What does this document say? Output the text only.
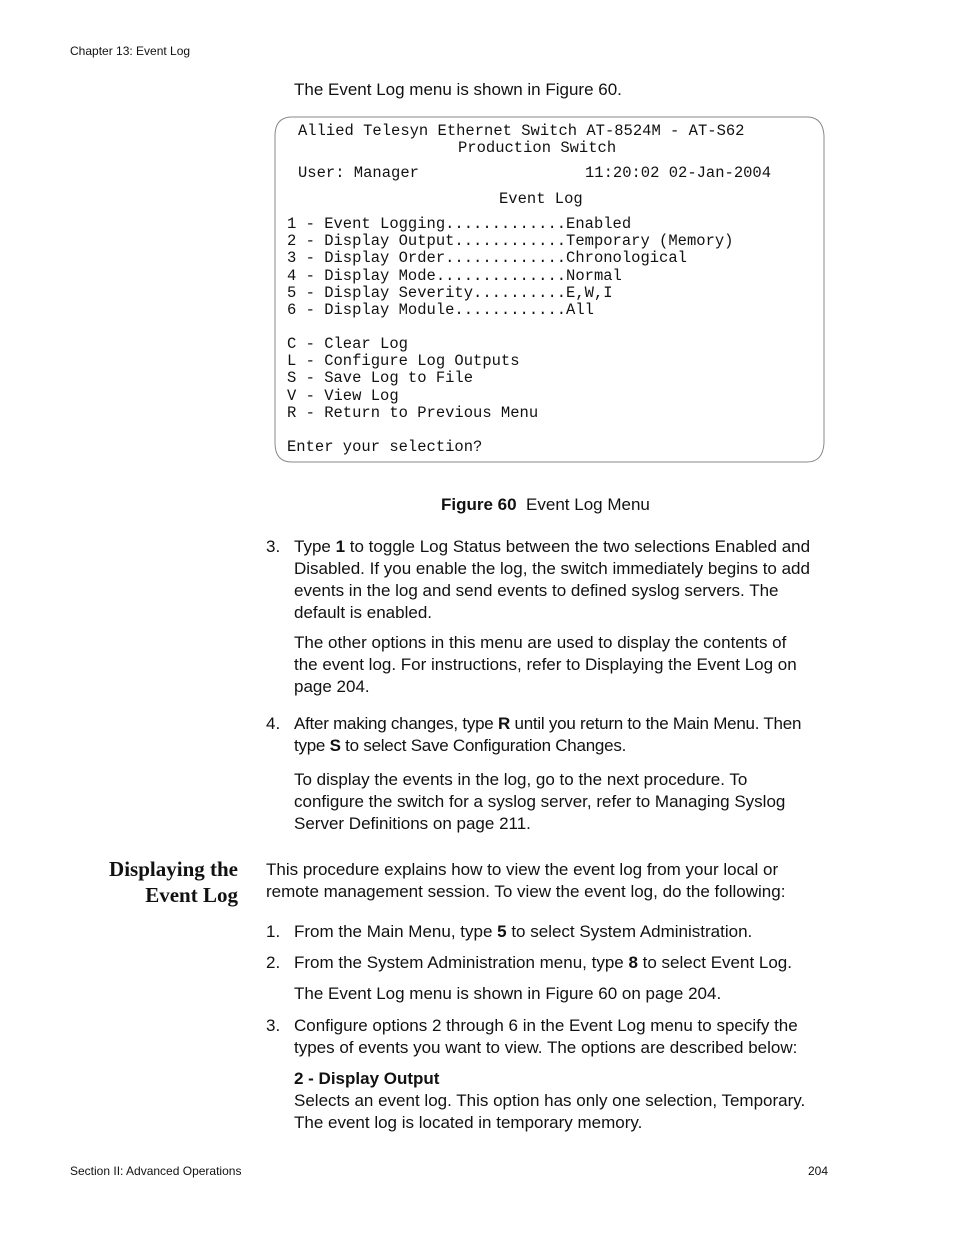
Chapter 13: Event Log

The Event Log menu is shown in Figure 60.

Allied Telesyn Ethernet Switch AT-8524M - AT-S62
Production Switch
User: Manager	11:20:02 02-Jan-2004
Event Log
1 - Event Logging.............Enabled
2 - Display Output............Temporary (Memory)
3 - Display Order.............Chronological
4 - Display Mode..............Normal
5 - Display Severity..........E,W,I
6 - Display Module............All
C - Clear Log
L - Configure Log Outputs
S - Save Log to File
V - View Log
R - Return to Previous Menu
Enter your selection?
Figure 60 Event Log Menu
3. Type 1 to toggle Log Status between the two selections Enabled and Disabled. If you enable the log, the switch immediately begins to add events in the log and send events to defined syslog servers. The default is enabled.

The other options in this menu are used to display the contents of the event log. For instructions, refer to Displaying the Event Log on page 204.

4. After making changes, type R until you return to the Main Menu. Then type S to select Save Configuration Changes.

To display the events in the log, go to the next procedure. To configure the switch for a syslog server, refer to Managing Syslog Server Definitions on page 211.

Displaying the
Event Log

This procedure explains how to view the event log from your local or remote management session. To view the event log, do the following:

1. From the Main Menu, type 5 to select System Administration.

2. From the System Administration menu, type 8 to select Event Log.

The Event Log menu is shown in Figure 60 on page 204.

3. Configure options 2 through 6 in the Event Log menu to specify the types of events you want to view. The options are described below:

2 - Display Output
Selects an event log. This option has only one selection, Temporary. The event log is located in temporary memory.

Section II: Advanced Operations	204
